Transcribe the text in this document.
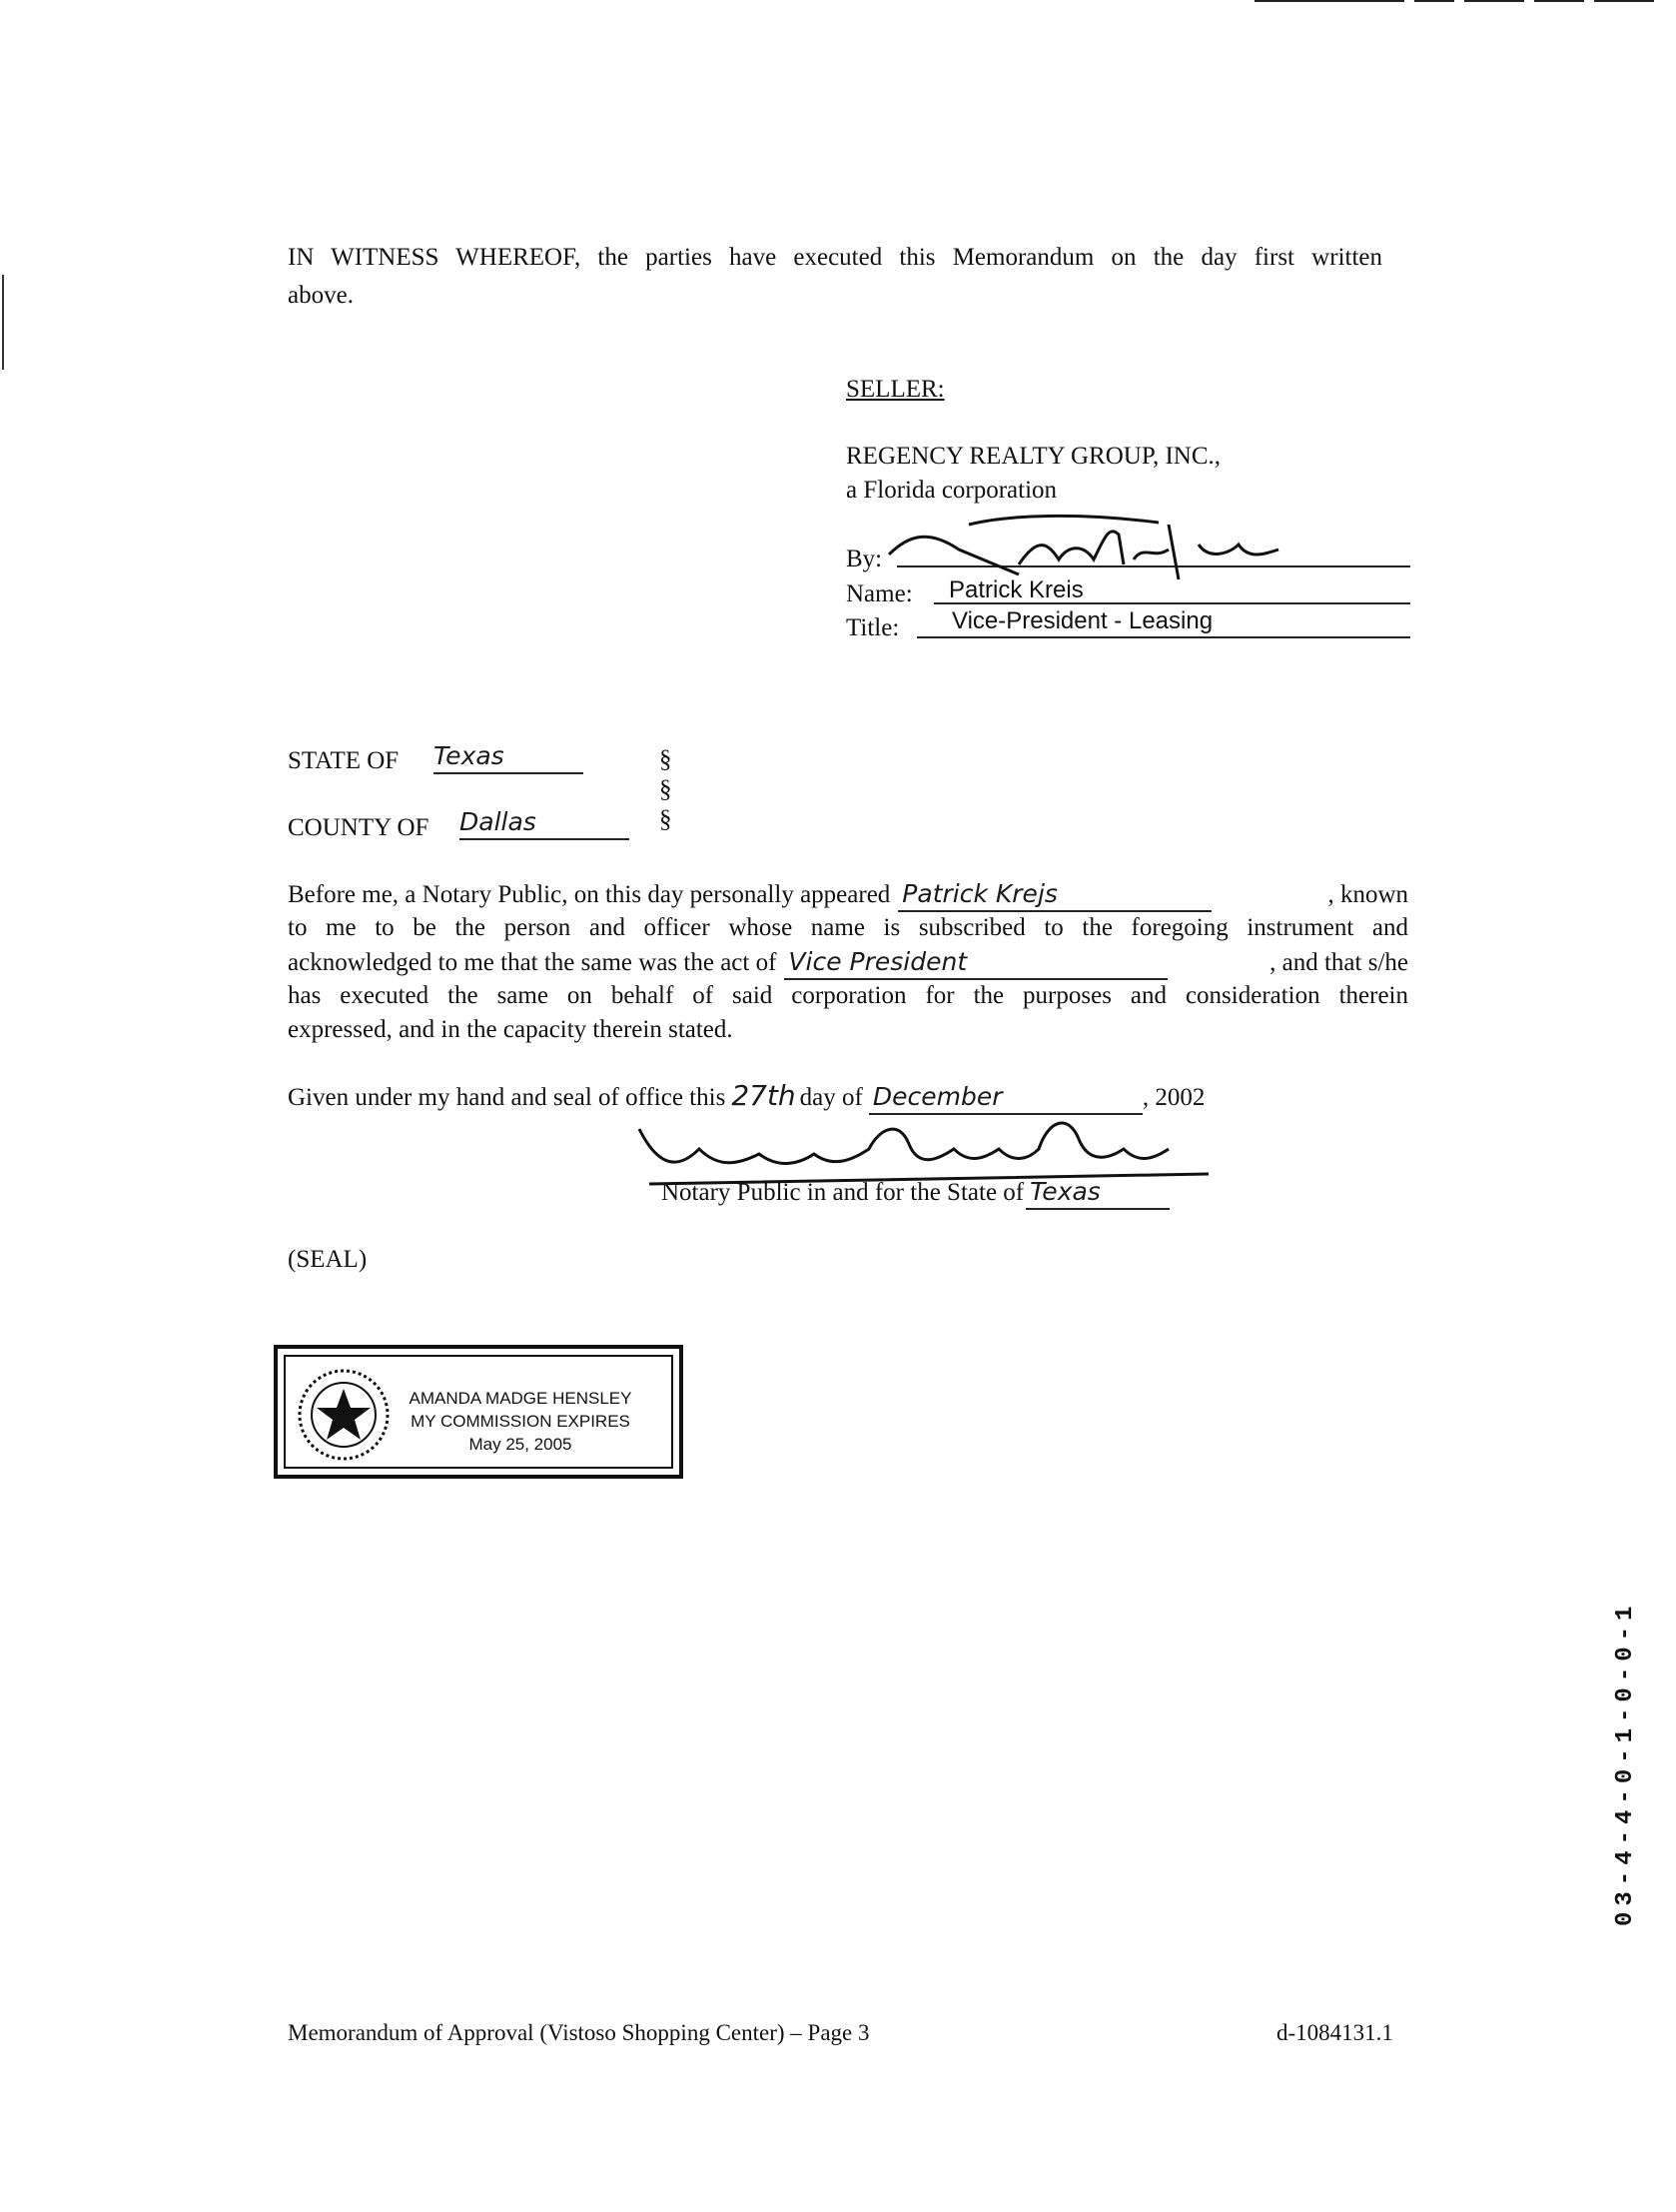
IN WITNESS WHEREOF, the parties have executed this Memorandum on the day first written
above.
SELLER:
REGENCY REALTY GROUP, INC.,
a Florida corporation
By:
Name: Patrick Kreis
Title: Vice-President - Leasing
STATE OF Texas
COUNTY OF Dallas
§
§
§
Before me, a Notary Public, on this day personally appeared Patrick Krejs	, known
to me to be the person and officer whose name is subscribed to the foregoing instrument and
acknowledged to me that the same was the act of Vice President	, and that s/he
has executed the same on behalf of said corporation for the purposes and consideration therein
expressed, and in the capacity therein stated.
Given under my hand and seal of office this 27th day of December	, 2002
Notary Public in and for the State of Texas
(SEAL)
AMANDA MADGE HENSLEY
MY COMMISSION EXPIRES
May 25, 2005
03-4-4-0-1-0-0-1
Memorandum of Approval (Vistoso Shopping Center) – Page 3	d-1084131.1
